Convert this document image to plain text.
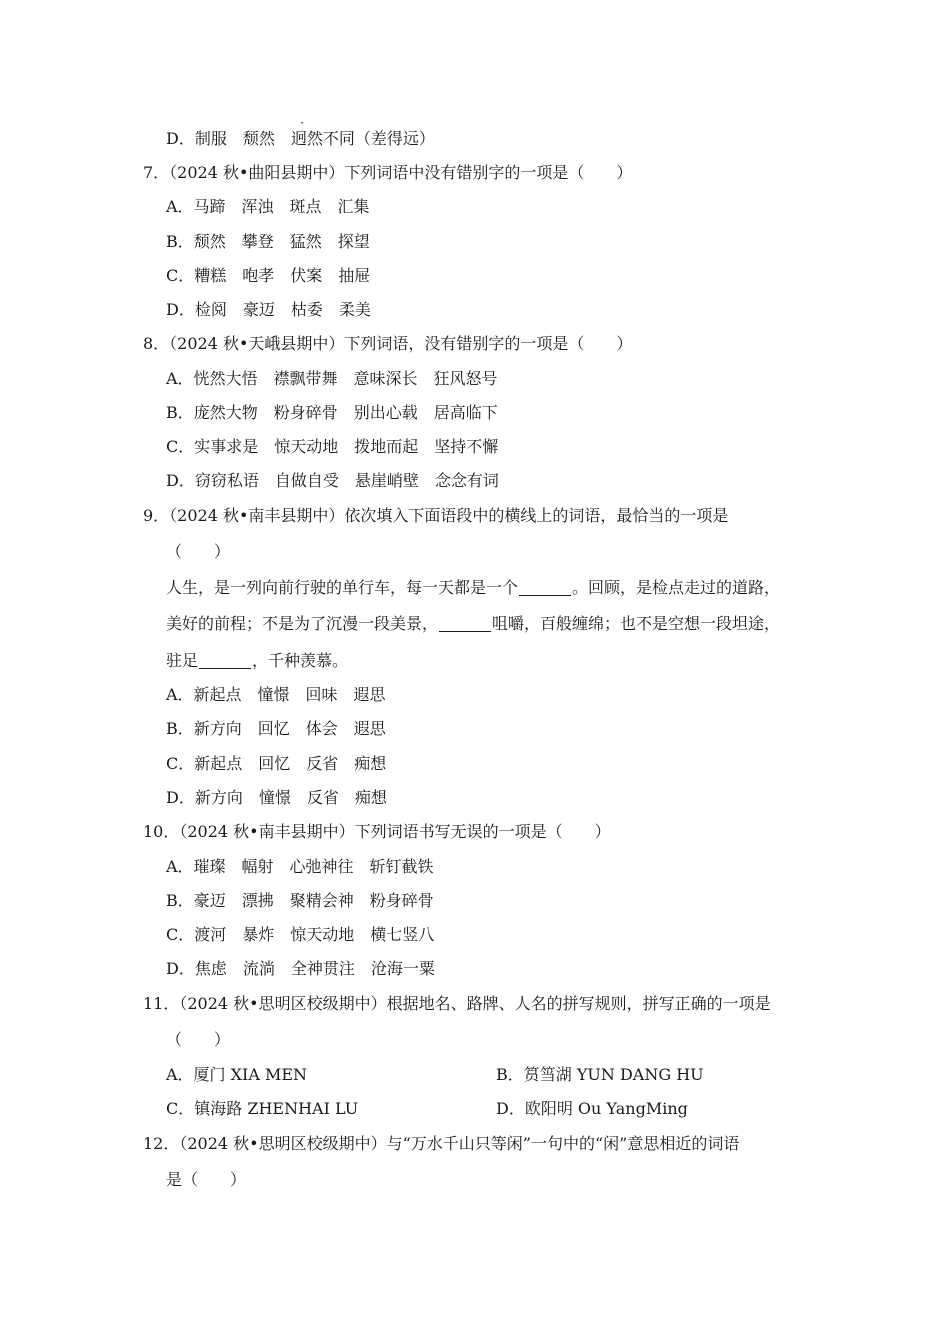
·
D．制服　颓然　迥然不同（差得远）
7．（2024 秋•曲阳县期中）下列词语中没有错别字的一项是（　　）
A．马蹄　浑浊　斑点　汇集
B．颓然　攀登　猛然　探望
C．糟糕　咆孝　伏案　抽屉
D．检阅　豪迈　枯委　柔美
8．（2024 秋•天峨县期中）下列词语，没有错别字的一项是（　　）
A．恍然大悟　襟飘带舞　意味深长　狂风怒号
B．庞然大物　粉身碎骨　别出心载　居高临下
C．实事求是　惊天动地　拨地而起　坚持不懈
D．窃窃私语　自做自受　悬崖峭壁　念念有词
9．（2024 秋•南丰县期中）依次填入下面语段中的横线上的词语，最恰当的一项是
（　　）
人生，是一列向前行驶的单行车，每一天都是一个	。回顾，是检点走过的道路，
美好的前程；不是为了沉漫一段美景，	咀嚼，百般缠绵；也不是空想一段坦途，
驻足	，千种羡慕。
A．新起点　憧憬　回味　遐思
B．新方向　回忆　体会　遐思
C．新起点　回忆　反省　痴想
D．新方向　憧憬　反省　痴想
10．（2024 秋•南丰县期中）下列词语书写无误的一项是（　　）
A．璀璨　幅射　心弛神往　斩钉截铁
B．豪迈　漂拂　聚精会神　粉身碎骨
C．渡河　暴炸　惊天动地　横七竖八
D．焦虑　流淌　全神贯注　沧海一粟
11．（2024 秋•思明区校级期中）根据地名、路牌、人名的拼写规则，拼写正确的一项是
（　　）
A．厦门 XIA MEN	B．筼筜湖 YUN DANG HU
C．镇海路 ZHENHAI LU	D．欧阳明 Ou YangMing
12．（2024 秋•思明区校级期中）与“万水千山只等闲”一句中的“闲”意思相近的词语
是（　　）
